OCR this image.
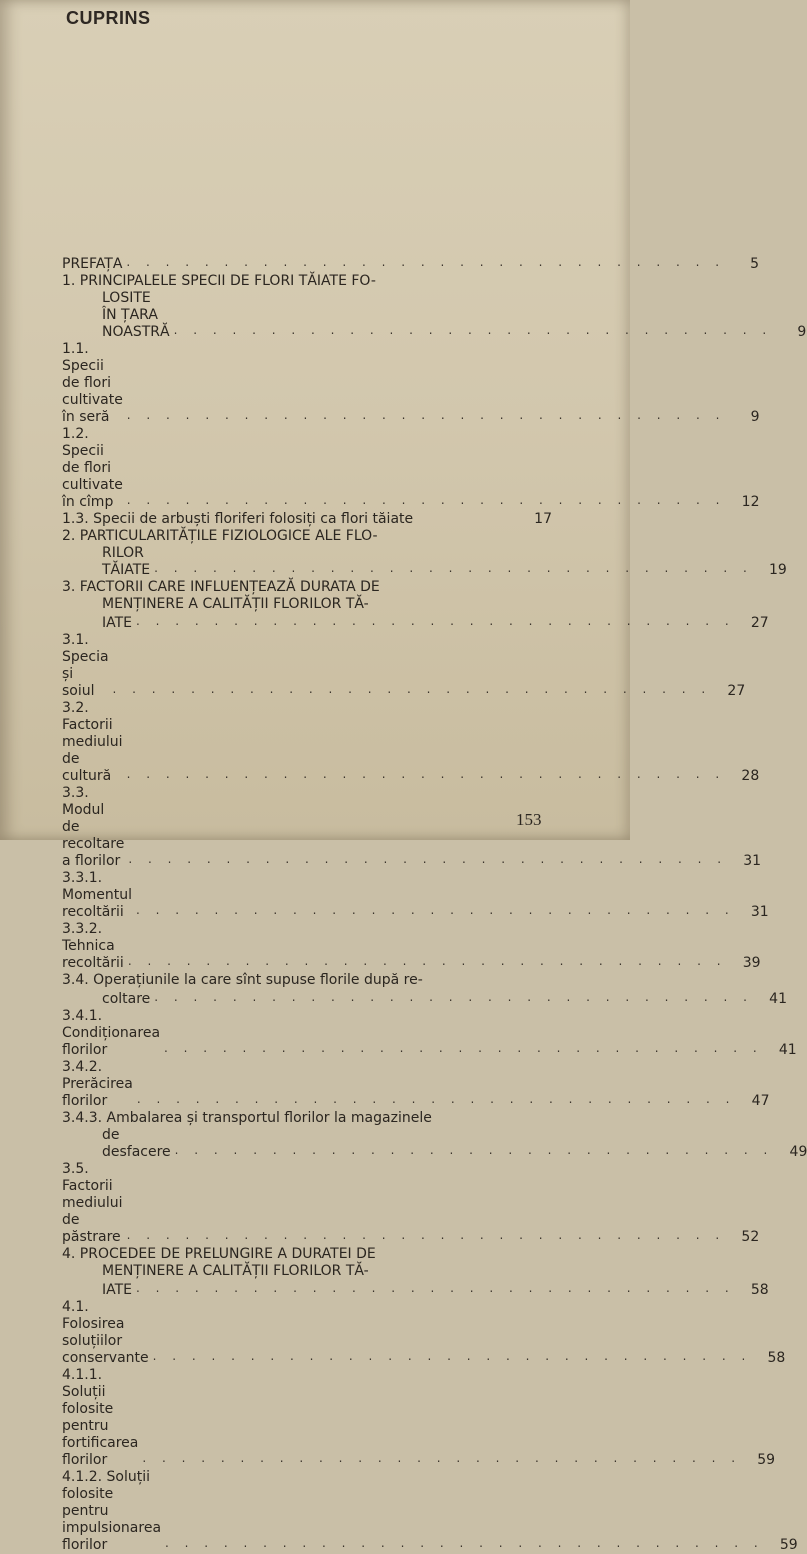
CUPRINS
PREFAȚA . . . . . . . . . . . . . . . . . . . . . . . . . . . . . . .	5
1. PRINCIPALELE SPECII DE FLORI TĂIATE FO-
LOSITE ÎN ȚARA NOASTRĂ . . . . . . . . . . . . . . . . . . . . . . . . . . . . . . .	9
1.1. Specii de flori cultivate în seră	. . . . . . . . . . . . . . . . . . . . . . . . . . . . . . .	9
1.2. Specii de flori cultivate în cîmp	. . . . . . . . . . . . . . . . . . . . . . . . . . . . . . .	12
1.3. Specii de arbuști floriferi folosiți ca flori tăiate	17
2. PARTICULARITĂȚILE FIZIOLOGICE ALE FLO-
RILOR TĂIATE . . . . . . . . . . . . . . . . . . . . . . . . . . . . . . .	19
3. FACTORII CARE INFLUENȚEAZĂ DURATA DE
MENȚINERE A CALITĂȚII FLORILOR TĂ-
IATE . . . . . . . . . . . . . . . . . . . . . . . . . . . . . . .	27
3.1. Specia și soiul	. . . . . . . . . . . . . . . . . . . . . . . . . . . . . . .	27
3.2. Factorii mediului de cultură	. . . . . . . . . . . . . . . . . . . . . . . . . . . . . . .	28
3.3. Modul de recoltare a florilor . . . . . . . . . . . . . . . . . . . . . . . . . . . . . . .	31
3.3.1. Momentul recoltării	. . . . . . . . . . . . . . . . . . . . . . . . . . . . . . .	31
3.3.2. Tehnica recoltării . . . . . . . . . . . . . . . . . . . . . . . . . . . . . . .	39
3.4. Operațiunile la care sînt supuse florile după re-
coltare . . . . . . . . . . . . . . . . . . . . . . . . . . . . . . .	41
3.4.1. Condiționarea florilor	. . . . . . . . . . . . . . . . . . . . . . . . . . . . . . .	41
3.4.2. Prerăcirea florilor	. . . . . . . . . . . . . . . . . . . . . . . . . . . . . . .	47
3.4.3. Ambalarea și transportul florilor la magazinele
de desfacere . . . . . . . . . . . . . . . . . . . . . . . . . . . . . . .	49
3.5. Factorii mediului de păstrare . . . . . . . . . . . . . . . . . . . . . . . . . . . . . . .	52
4. PROCEDEE DE PRELUNGIRE A DURATEI DE
MENȚINERE A CALITĂȚII FLORILOR TĂ-
IATE . . . . . . . . . . . . . . . . . . . . . . . . . . . . . . .	58
4.1. Folosirea soluțiilor conservante . . . . . . . . . . . . . . . . . . . . . . . . . . . . . . .	58
4.1.1. Soluții folosite pentru fortificarea florilor	. . . . . . . . . . . . . . . . . . . . . . . . . . . . . . .	59
4.1.2. Soluții folosite pentru impulsionarea florilor	. . . . . . . . . . . . . . . . . . . . . . . . . . . . . . .	59
153
